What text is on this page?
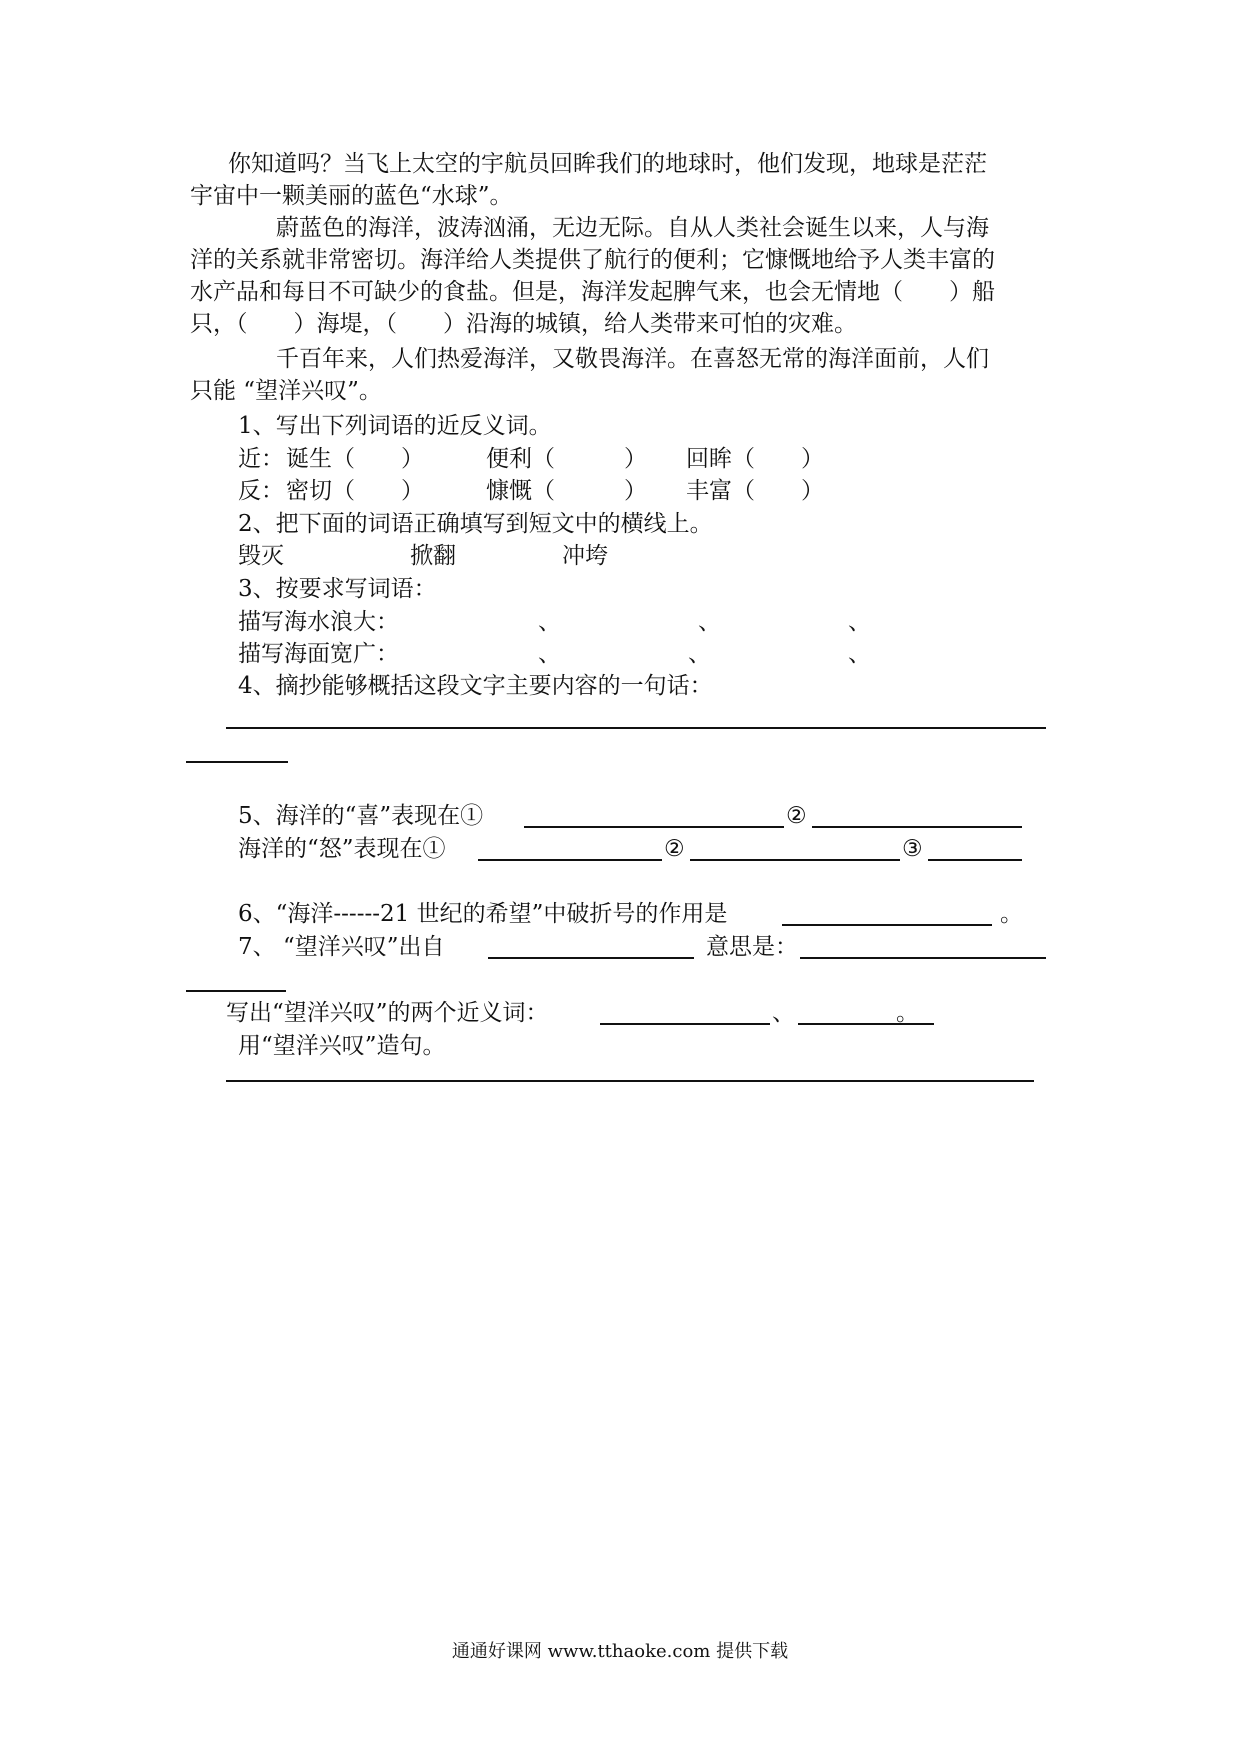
你知道吗？当飞上太空的宇航员回眸我们的地球时，他们发现，地球是茫茫
宇宙中一颗美丽的蓝色“水球”。
蔚蓝色的海洋，波涛汹涌，无边无际。自从人类社会诞生以来，人与海
洋的关系就非常密切。海洋给人类提供了航行的便利；它慷慨地给予人类丰富的
水产品和每日不可缺少的食盐。但是，海洋发起脾气来，也会无情地（　　）船
只，（　　）海堤，（　　）沿海的城镇，给人类带来可怕的灾难。
千百年来，人们热爱海洋，又敬畏海洋。在喜怒无常的海洋面前，人们
只能 “望洋兴叹”。
1、写出下列词语的近反义词。
近： 诞生（　　）	便利（　　　） 回眸（　　）
反： 密切（　　）	慷慨（　　　） 丰富（　　）
2、把下面的词语正确填写到短文中的横线上。
毁灭	掀翻	冲垮
3、按要求写词语：
描写海水浪大：	、	、	、
描写海面宽广：	、	、	、
4、摘抄能够概括这段文字主要内容的一句话：
5、海洋的“喜”表现在①	②
海洋的“怒”表现在①	②	③
6、“海洋------21 世纪的希望”中破折号的作用是	。
7、 “望洋兴叹”出自	意思是：
写出“望洋兴叹”的两个近义词：	、	。
用“望洋兴叹”造句。
通通好课网 www.tthaoke.com 提供下载
